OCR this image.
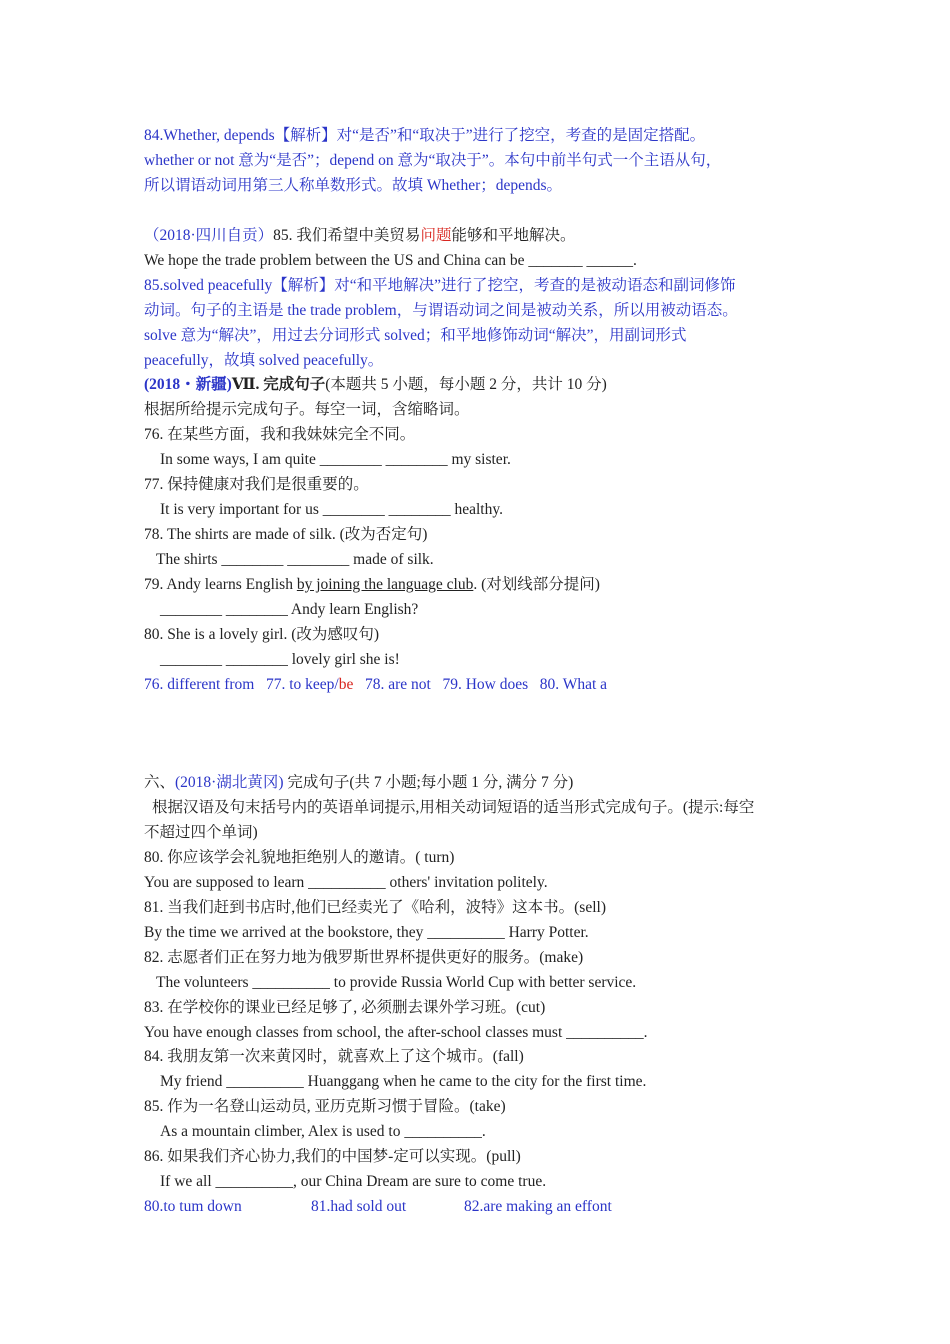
84.Whether, depends【解析】对“是否”和“取决于”进行了挖空，考查的是固定搭配。
whether or not 意为“是否”；depend on 意为“取决于”。本句中前半句式一个主语从句，
所以谓语动词用第三人称单数形式。故填 Whether；depends。
（2018·四川自贡）85. 我们希望中美贸易问题能够和平地解决。
We hope the trade problem between the US and China can be _______ ______.
85.solved peacefully【解析】对“和平地解决”进行了挖空，考查的是被动语态和副词修饰
动词。句子的主语是 the trade problem，与谓语动词之间是被动关系，所以用被动语态。
solve 意为“解决”，用过去分词形式 solved；和平地修饰动词“解决”，用副词形式
peacefully，故填 solved peacefully。
(2018・新疆)Ⅶ. 完成句子(本题共 5 小题，每小题 2 分，共计 10 分)
根据所给提示完成句子。每空一词，含缩略词。
76. 在某些方面，我和我妹妹完全不同。
In some ways, I am quite ________ ________ my sister.
77. 保持健康对我们是很重要的。
It is very important for us ________ ________ healthy.
78. The shirts are made of silk. (改为否定句)
The shirts ________ ________ made of silk.
79. Andy learns English by joining the language club. (对划线部分提问)
________ ________ Andy learn English?
80. She is a lovely girl. (改为感叹句)
________ ________ lovely girl she is!
76. different from   77. to keep/be   78. are not   79. How does   80. What a
六、(2018·湖北黄冈) 完成句子(共 7 小题;每小题 1 分, 满分 7 分)
根据汉语及句末括号内的英语单词提示,用相关动词短语的适当形式完成句子。(提示:每空
不超过四个单词)
80. 你应该学会礼貌地拒绝别人的邀请。( turn)
You are supposed to learn __________ others' invitation politely.
81. 当我们赶到书店时,他们已经卖光了《哈利，波特》这本书。(sell)
By the time we arrived at the bookstore, they __________ Harry Potter.
82. 志愿者们正在努力地为俄罗斯世界杯提供更好的服务。(make)
The volunteers __________ to provide Russia World Cup with better service.
83. 在学校你的课业已经足够了, 必须删去课外学习班。(cut)
You have enough classes from school, the after-school classes must __________.
84. 我朋友第一次来黄冈时，就喜欢上了这个城市。(fall)
My friend __________ Huanggang when he came to the city for the first time.
85. 作为一名登山运动员, 亚历克斯习惯于冒险。(take)
As a mountain climber, Alex is used to __________.
86. 如果我们齐心协力,我们的中国梦-定可以实现。(pull)
If we all __________, our China Dream are sure to come true.
80.to tum down	81.had sold out	82.are making an effont
